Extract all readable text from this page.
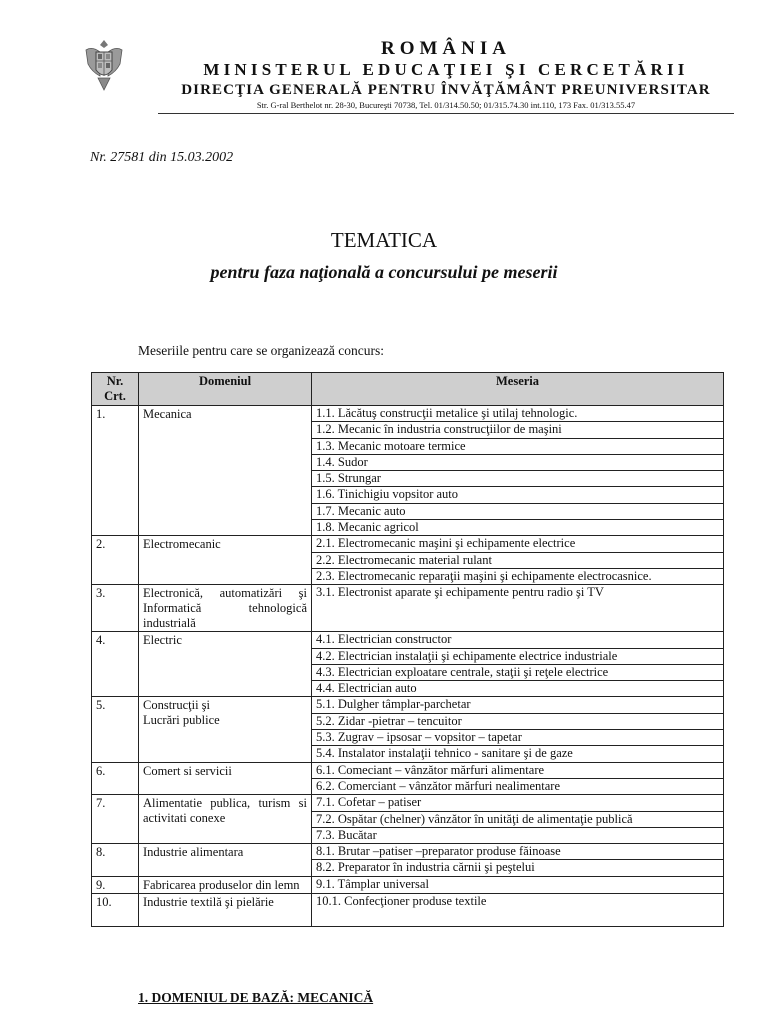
ROMÂNIA
MINISTERUL EDUCAŢIEI ŞI CERCETĂRII
DIRECŢIA GENERALĂ PENTRU ÎNVĂŢĂMÂNT PREUNIVERSITAR
Str. G-ral Berthelot nr. 28-30, Bucureşti 70738, Tel. 01/314.50.50; 01/315.74.30 int.110, 173 Fax. 01/313.55.47
Nr. 27581 din 15.03.2002
TEMATICA
pentru faza naţională a concursului pe meserii
Meseriile pentru care se organizează concurs:
Nr. Crt.	Domeniul	Meseria
1.	Mecanica	1.1. Lăcătuş construcţii metalice şi utilaj tehnologic.
		1.2. Mecanic în industria construcţiilor de maşini
		1.3. Mecanic motoare termice
		1.4. Sudor
		1.5. Strungar
		1.6. Tinichigiu vopsitor auto
		1.7. Mecanic auto
		1.8. Mecanic agricol
2.	Electromecanic	2.1. Electromecanic maşini şi echipamente electrice
		2.2. Electromecanic material rulant
		2.3. Electromecanic reparaţii maşini şi echipamente electrocasnice.
3.	Electronică, automatizări şi Informatică tehnologică industrială	3.1. Electronist aparate şi echipamente pentru radio şi TV
4.	Electric	4.1. Electrician constructor
		4.2. Electrician instalaţii şi echipamente electrice industriale
		4.3. Electrician exploatare centrale, staţii şi reţele electrice
		4.4. Electrician auto
5.	Construcţii şi
Lucrări publice	5.1. Dulgher tâmplar-parchetar
		5.2. Zidar -pietrar – tencuitor
		5.3. Zugrav – ipsosar – vopsitor – tapetar
		5.4. Instalator instalaţii tehnico - sanitare şi de gaze
6.	Comert si servicii	6.1. Comeciant – vânzător mărfuri alimentare
		6.2. Comerciant – vânzător mărfuri nealimentare
7.	Alimentatie publica, turism si activitati conexe	7.1. Cofetar – patiser
		7.2. Ospătar (chelner) vânzător în unităţi de alimentaţie publică
		7.3. Bucătar
8.	Industrie alimentara	8.1. Brutar –patiser –preparator produse făinoase
		8.2. Preparator în industria cărnii şi peştelui
9.	Fabricarea produselor din lemn	9.1. Tâmplar universal
10.	Industrie textilă şi pielărie	10.1. Confecţioner produse textile
1. DOMENIUL DE BAZĂ: MECANICĂ
